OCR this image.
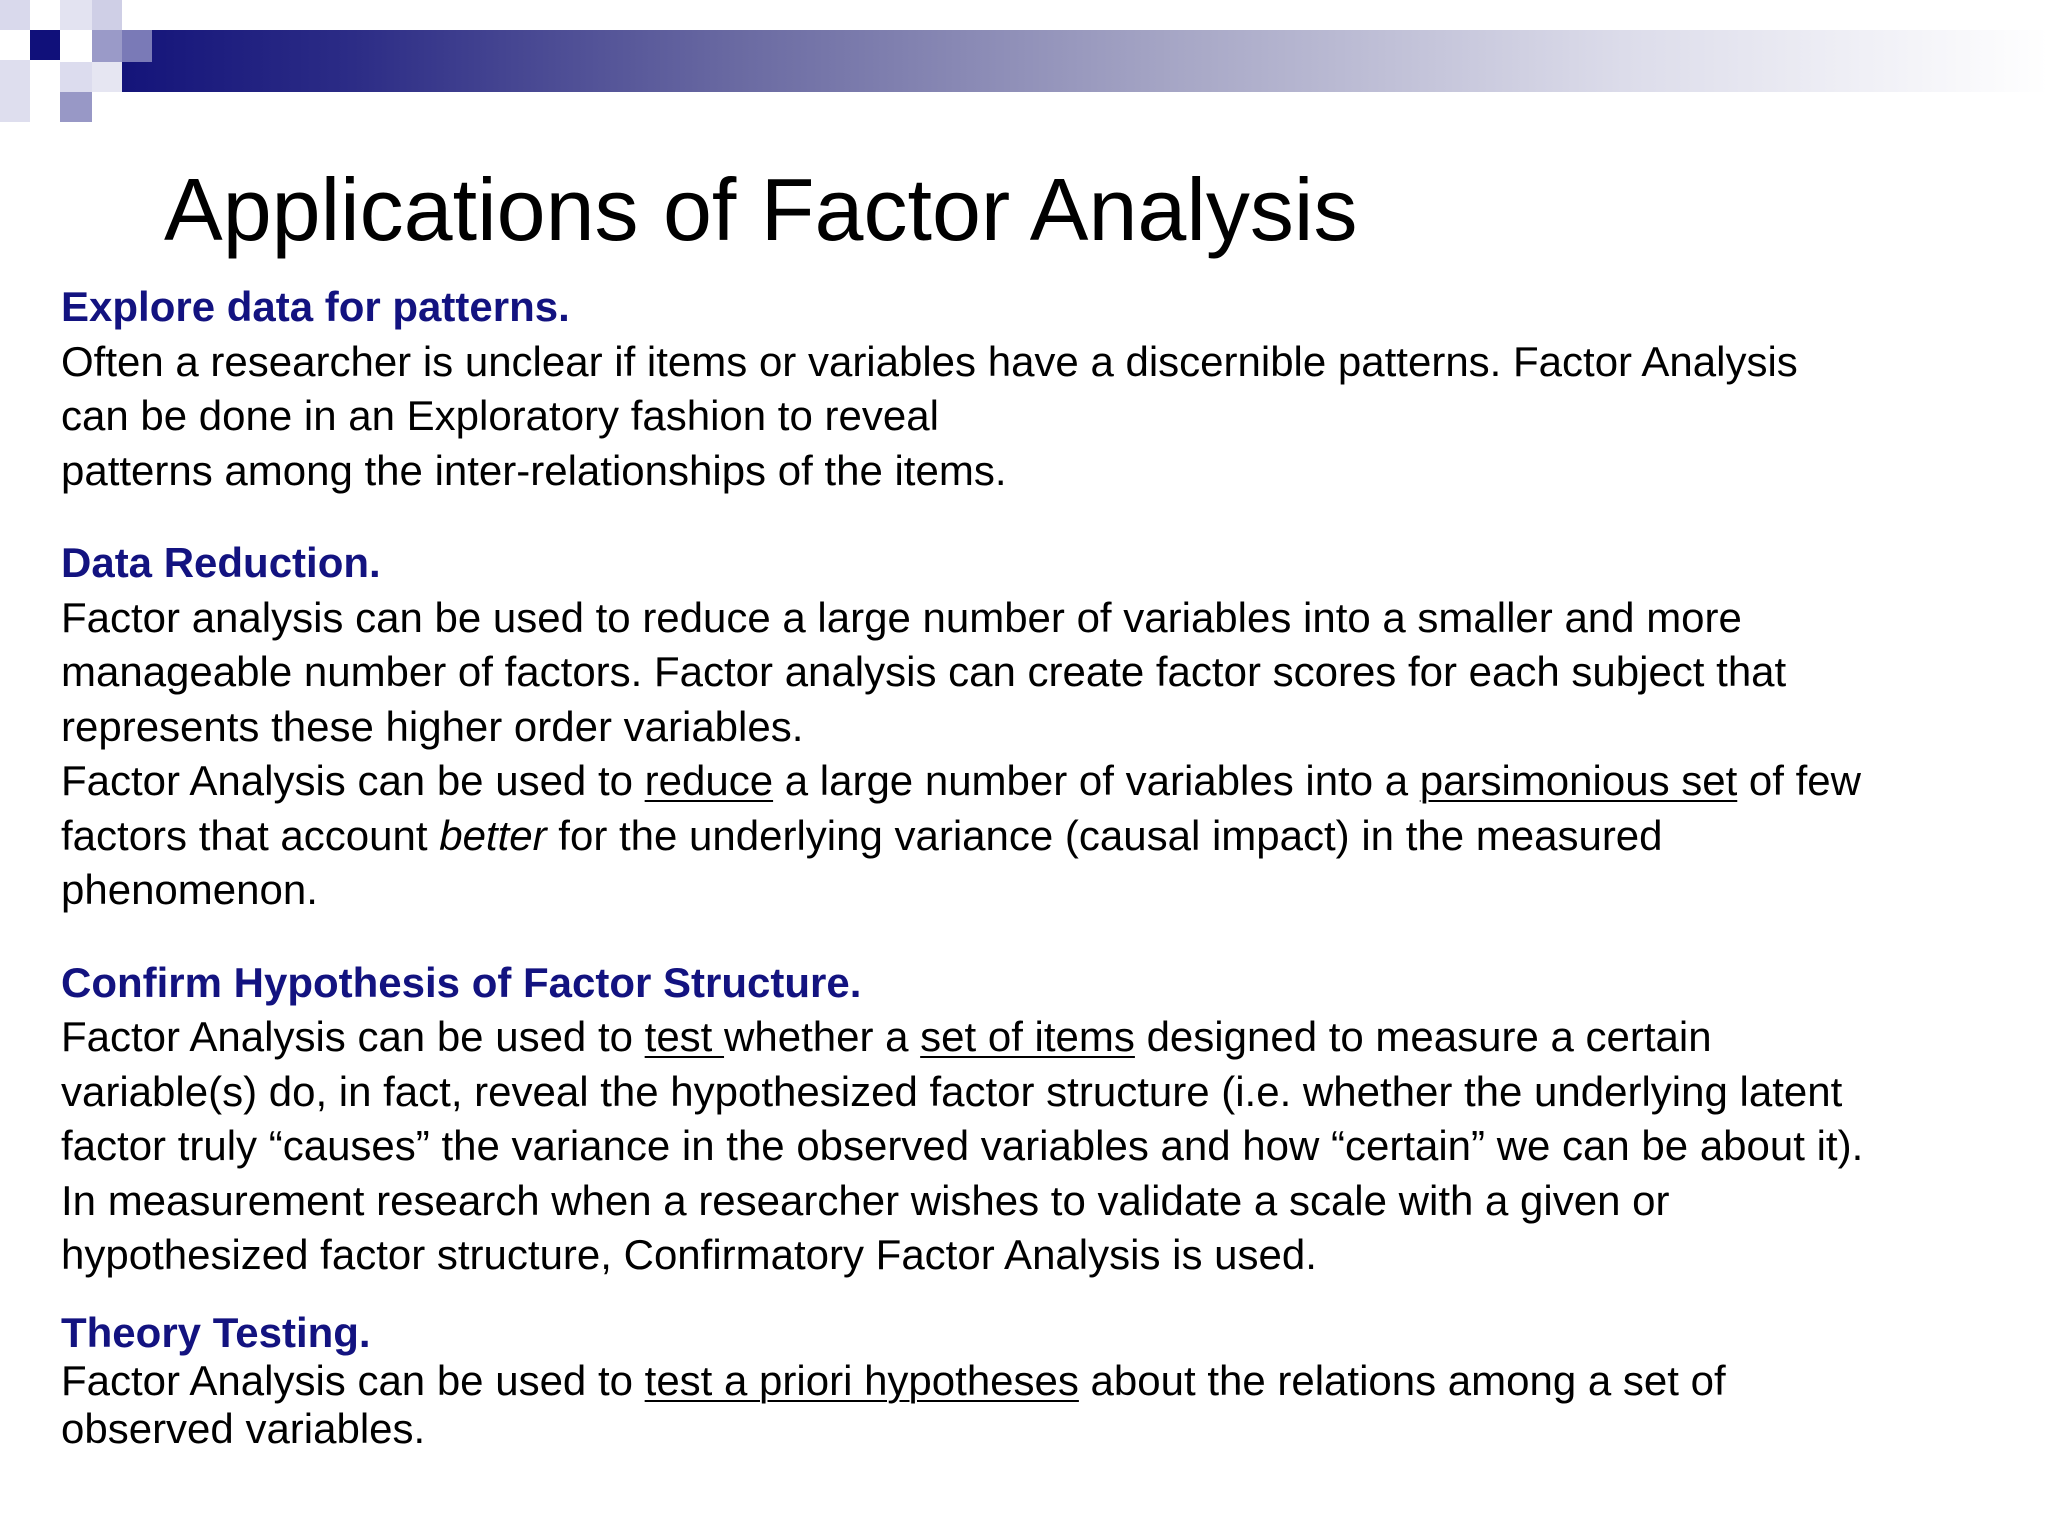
Applications of Factor Analysis
Explore data for patterns.
Often a researcher is unclear if items or variables have a discernible patterns. Factor Analysis
can be done in an Exploratory fashion to reveal
patterns among the inter-relationships of the items.
Data Reduction.
Factor analysis can be used to reduce a large number of variables into a smaller and more
manageable number of factors. Factor analysis can create factor scores for each subject that
represents these higher order variables.
Factor Analysis can be used to reduce a large number of variables into a parsimonious set of few
factors that account better for the underlying variance (causal impact) in the measured
phenomenon.
Confirm Hypothesis of Factor Structure.
Factor Analysis can be used to test whether a set of items designed to measure a certain
variable(s) do, in fact, reveal the hypothesized factor structure (i.e. whether the underlying latent
factor truly “causes” the variance in the observed variables and how “certain” we can be about it).
In measurement research when a researcher wishes to validate a scale with a given or
hypothesized factor structure, Confirmatory Factor Analysis is used.
Theory Testing.
Factor Analysis can be used to test a priori hypotheses about the relations among a set of
observed variables.
